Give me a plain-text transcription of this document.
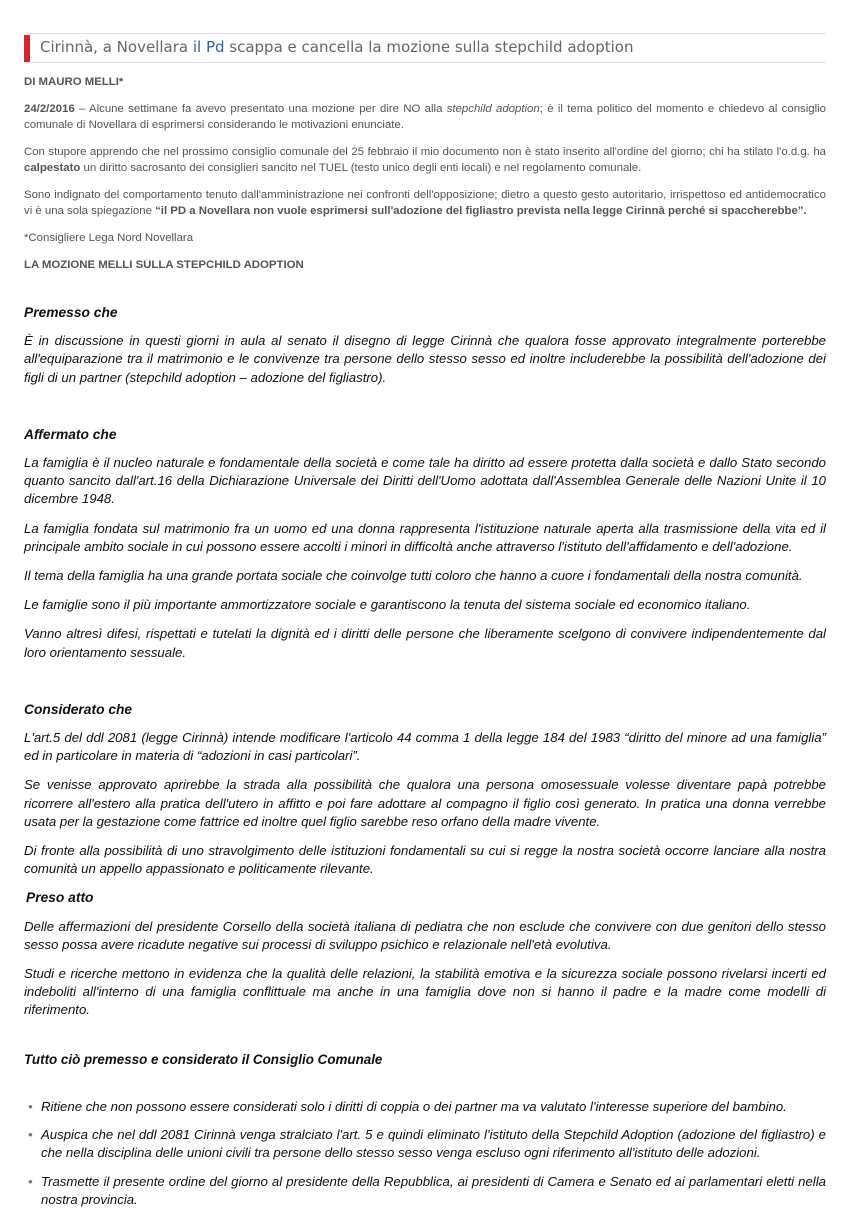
Cirinnà, a Novellara il Pd scappa e cancella la mozione sulla stepchild adoption

DI MAURO MELLI*

24/2/2016 – Alcune settimane fa avevo presentato una mozione per dire NO alla stepchild adoption; è il tema politico del momento e chiedevo al consiglio comunale di Novellara di esprimersi considerando le motivazioni enunciate.

Con stupore apprendo che nel prossimo consiglio comunale del 25 febbraio il mio documento non è stato inserito all'ordine del giorno; chi ha stilato l'o.d.g. ha calpestato un diritto sacrosanto dei consiglieri sancito nel TUEL (testo unico degli enti locali) e nel regolamento comunale.

Sono indignato del comportamento tenuto dall'amministrazione nei confronti dell'opposizione; dietro a questo gesto autoritario, irrispettoso ed antidemocratico vi è una sola spiegazione “il PD a Novellara non vuole esprimersi sull'adozione del figliastro prevista nella legge Cirinnà perché si spaccherebbe”.

*Consigliere Lega Nord Novellara

LA MOZIONE MELLI SULLA STEPCHILD ADOPTION

Premesso che

È in discussione in questi giorni in aula al senato il disegno di legge Cirinnà che qualora fosse approvato integralmente porterebbe all'equiparazione tra il matrimonio e le convivenze tra persone dello stesso sesso ed inoltre includerebbe la possibilità dell'adozione dei figli di un partner (stepchild adoption – adozione del figliastro).

Affermato che

La famiglia è il nucleo naturale e fondamentale della società e come tale ha diritto ad essere protetta dalla società e dallo Stato secondo quanto sancito dall'art.16 della Dichiarazione Universale dei Diritti dell'Uomo adottata dall'Assemblea Generale delle Nazioni Unite il 10 dicembre 1948.

La famiglia fondata sul matrimonio fra un uomo ed una donna rappresenta l'istituzione naturale aperta alla trasmissione della vita ed il principale ambito sociale in cui possono essere accolti i minori in difficoltà anche attraverso l'istituto dell'affidamento e dell'adozione.

Il tema della famiglia ha una grande portata sociale che coinvolge tutti coloro che hanno a cuore i fondamentali della nostra comunità.

Le famiglie sono il più importante ammortizzatore sociale e garantiscono la tenuta del sistema sociale ed economico italiano.

Vanno altresì difesi, rispettati e tutelati la dignità ed i diritti delle persone che liberamente scelgono di convivere indipendentemente dal loro orientamento sessuale.

Considerato che

L'art.5 del ddl 2081 (legge Cirinnà) intende modificare l'articolo 44 comma 1 della legge 184 del 1983 “diritto del minore ad una famiglia” ed in particolare in materia di “adozioni in casi particolari”.

Se venisse approvato aprirebbe la strada alla possibilità che qualora una persona omosessuale volesse diventare papà potrebbe ricorrere all'estero alla pratica dell'utero in affitto e poi fare adottare al compagno il figlio così generato. In pratica una donna verrebbe usata per la gestazione come fattrice ed inoltre quel figlio sarebbe reso orfano della madre vivente.

Di fronte alla possibilità di uno stravolgimento delle istituzioni fondamentali su cui si regge la nostra società occorre lanciare alla nostra comunità un appello appassionato e politicamente rilevante.

Preso atto

Delle affermazioni del presidente Corsello della società italiana di pediatra che non esclude che convivere con due genitori dello stesso sesso possa avere ricadute negative sui processi di sviluppo psichico e relazionale nell'età evolutiva.

Studi e ricerche mettono in evidenza che la qualità delle relazioni, la stabilità emotiva e la sicurezza sociale possono rivelarsi incerti ed indeboliti all'interno di una famiglia conflittuale ma anche in una famiglia dove non si hanno il padre e la madre come modelli di riferimento.

Tutto ciò premesso e considerato il Consiglio Comunale

• Ritiene che non possono essere considerati solo i diritti di coppia o dei partner ma va valutato l'interesse superiore del bambino.
• Auspica che nel ddl 2081 Cirinnà venga stralciato l'art. 5 e quindi eliminato l'istituto della Stepchild Adoption (adozione del figliastro) e che nella disciplina delle unioni civili tra persone dello stesso sesso venga escluso ogni riferimento all'istituto delle adozioni.
• Trasmette il presente ordine del giorno al presidente della Repubblica, ai presidenti di Camera e Senato ed ai parlamentari eletti nella nostra provincia.
